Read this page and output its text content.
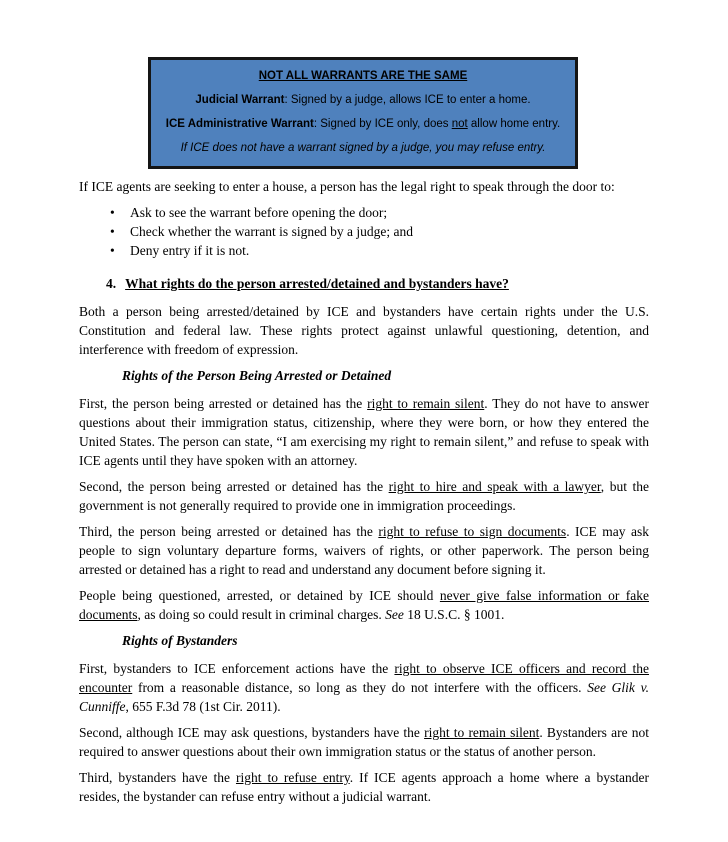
NOT ALL WARRANTS ARE THE SAME
Judicial Warrant: Signed by a judge, allows ICE to enter a home.
ICE Administrative Warrant: Signed by ICE only, does not allow home entry.
If ICE does not have a warrant signed by a judge, you may refuse entry.

If ICE agents are seeking to enter a house, a person has the legal right to speak through the door to:

• Ask to see the warrant before opening the door;
• Check whether the warrant is signed by a judge; and
• Deny entry if it is not.
4. What rights do the person arrested/detained and bystanders have?

Both a person being arrested/detained by ICE and bystanders have certain rights under the U.S. Constitution and federal law. These rights protect against unlawful questioning, detention, and interference with freedom of expression.

Rights of the Person Being Arrested or Detained

First, the person being arrested or detained has the right to remain silent. They do not have to answer questions about their immigration status, citizenship, where they were born, or how they entered the United States. The person can state, “I am exercising my right to remain silent,” and refuse to speak with ICE agents until they have spoken with an attorney.

Second, the person being arrested or detained has the right to hire and speak with a lawyer, but the government is not generally required to provide one in immigration proceedings.

Third, the person being arrested or detained has the right to refuse to sign documents. ICE may ask people to sign voluntary departure forms, waivers of rights, or other paperwork. The person being arrested or detained has a right to read and understand any document before signing it.

People being questioned, arrested, or detained by ICE should never give false information or fake documents, as doing so could result in criminal charges. See 18 U.S.C. § 1001.

Rights of Bystanders

First, bystanders to ICE enforcement actions have the right to observe ICE officers and record the encounter from a reasonable distance, so long as they do not interfere with the officers. See Glik v. Cunniffe, 655 F.3d 78 (1st Cir. 2011).

Second, although ICE may ask questions, bystanders have the right to remain silent. Bystanders are not required to answer questions about their own immigration status or the status of another person.

Third, bystanders have the right to refuse entry. If ICE agents approach a home where a bystander resides, the bystander can refuse entry without a judicial warrant.
